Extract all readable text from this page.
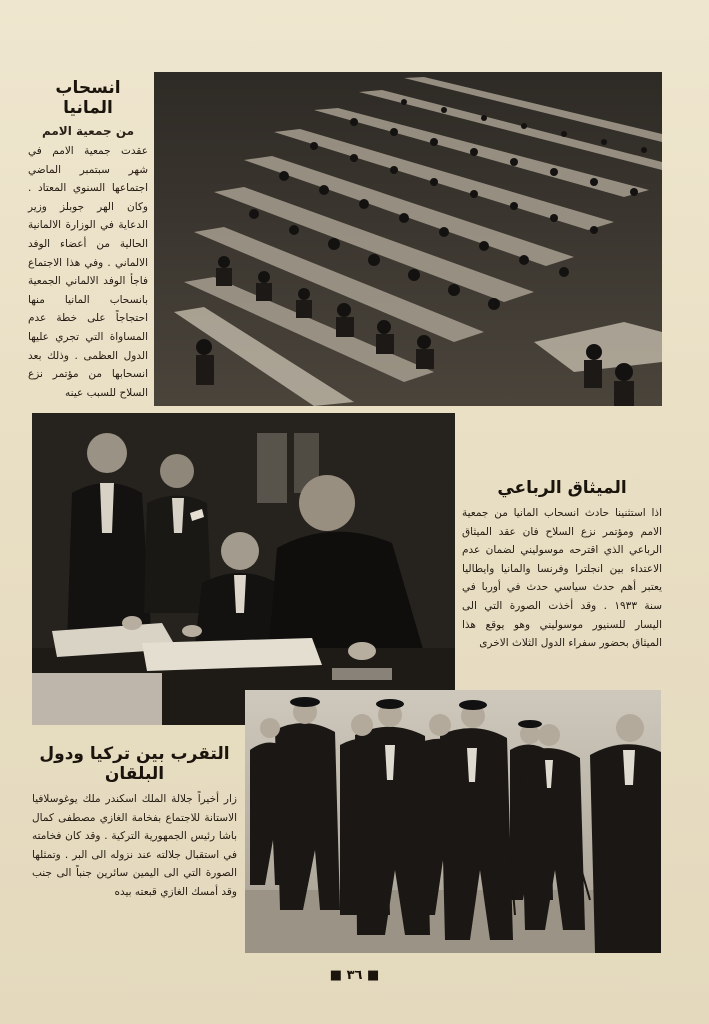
انسحاب المانيا
من جمعية الامم

عقدت جمعية الامم في شهر سبتمبر الماضي اجتماعها السنوي المعتاد . وكان الهر جوبلز وزير الدعاية في الوزارة الالمانية الحالية من أعضاء الوفد الالماني . وفي هذا الاجتماع فاجأ الوفد الالماني الجمعية بانسحاب المانيا منها احتجاجاً على خطة عدم المساواة التي تجري عليها الدول العظمى . وذلك بعد انسحابها من مؤتمر نزع السلاح للسبب عينه

الميثاق الرباعي

اذا استثنينا حادث انسحاب المانيا من جمعية الامم ومؤتمر نزع السلاح فان عقد الميثاق الرباعي الذي اقترحه موسوليني لضمان عدم الاعتداء بين انجلترا وفرنسا والمانيا وايطاليا يعتبر أهم حدث سياسي حدث في أوربا في سنة ١٩٣٣ . وقد أخذت الصورة التي الى اليسار للسنيور موسوليني وهو يوقع هذا الميثاق بحضور سفراء الدول الثلاث الاخرى

التقرب بين تركيا ودول البلقان

زار أخيراً جلالة الملك اسكندر ملك يوغوسلافيا الاستانة للاجتماع بفخامة الغازي مصطفى كمال باشا رئيس الجمهورية التركية . وقد كان فخامته في استقبال جلالته عند نزوله الى البر . وتمثلها الصورة التي الى اليمين سائرين جنباً الى جنب وقد أمسك الغازي قبعته بيده

■ ٣٦ ■
